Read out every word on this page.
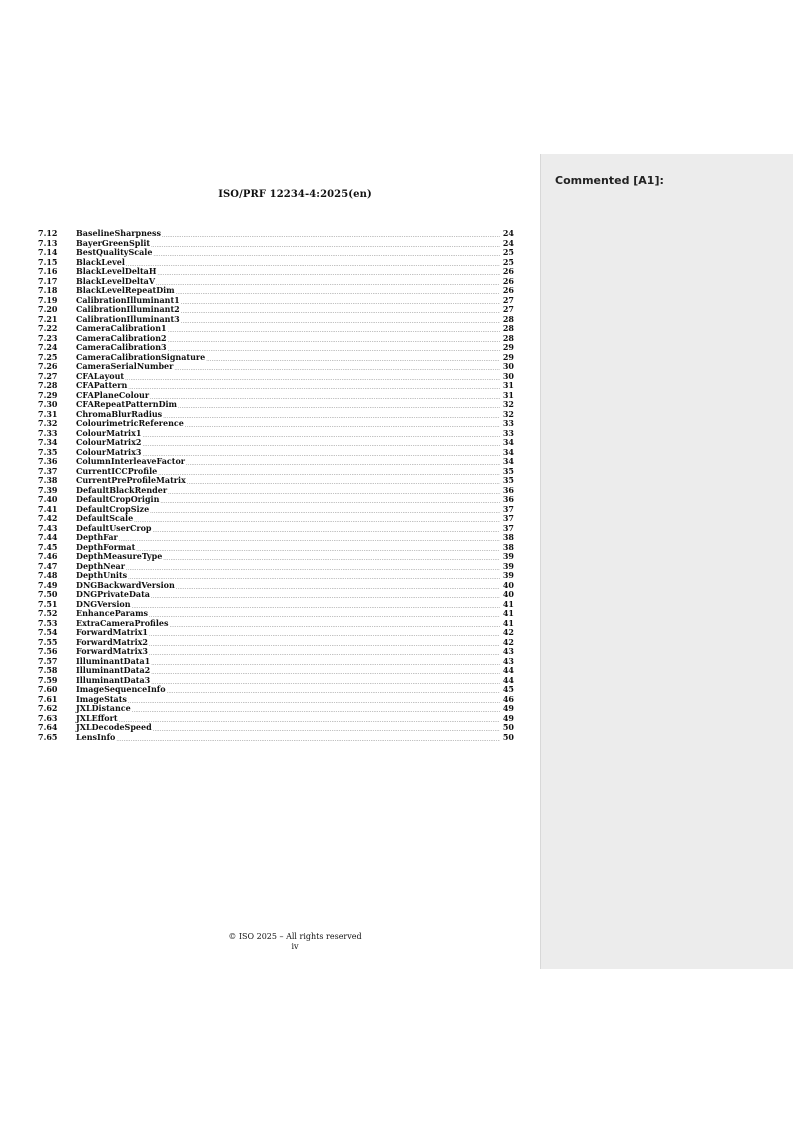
Commented [A1]:
ISO/PRF 12234-4:2025(en)
7.12	BaselineSharpness .....	24
7.13	BayerGreenSplit .....	24
7.14	BestQualityScale .....	25
7.15	BlackLevel .....	25
7.16	BlackLevelDeltaH .....	26
7.17	BlackLevelDeltaV .....	26
7.18	BlackLevelRepeatDim .....	26
7.19	CalibrationIlluminant1 .....	27
7.20	CalibrationIlluminant2 .....	27
7.21	CalibrationIlluminant3 .....	28
7.22	CameraCalibration1 .....	28
7.23	CameraCalibration2 .....	28
7.24	CameraCalibration3 .....	29
7.25	CameraCalibrationSignature .....	29
7.26	CameraSerialNumber .....	30
7.27	CFALayout .....	30
7.28	CFAPattern .....	31
7.29	CFAPlaneColour .....	31
7.30	CFARepeatPatternDim .....	32
7.31	ChromaBlurRadius .....	32
7.32	ColourimetricReference .....	33
7.33	ColourMatrix1 .....	33
7.34	ColourMatrix2 .....	34
7.35	ColourMatrix3 .....	34
7.36	ColumnInterleaveFactor .....	34
7.37	CurrentICCProfile .....	35
7.38	CurrentPreProfileMatrix .....	35
7.39	DefaultBlackRender .....	36
7.40	DefaultCropOrigin .....	36
7.41	DefaultCropSize .....	37
7.42	DefaultScale .....	37
7.43	DefaultUserCrop .....	37
7.44	DepthFar .....	38
7.45	DepthFormat .....	38
7.46	DepthMeasureType .....	39
7.47	DepthNear .....	39
7.48	DepthUnits .....	39
7.49	DNGBackwardVersion .....	40
7.50	DNGPrivateData .....	40
7.51	DNGVersion .....	41
7.52	EnhanceParams .....	41
7.53	ExtraCameraProfiles .....	41
7.54	ForwardMatrix1 .....	42
7.55	ForwardMatrix2 .....	42
7.56	ForwardMatrix3 .....	43
7.57	IlluminantData1 .....	43
7.58	IlluminantData2 .....	44
7.59	IlluminantData3 .....	44
7.60	ImageSequenceInfo .....	45
7.61	ImageStats .....	46
7.62	JXLDistance .....	49
7.63	JXLEffort .....	49
7.64	JXLDecodeSpeed .....	50
7.65	LensInfo .....	50
© ISO 2025 – All rights reserved
iv
